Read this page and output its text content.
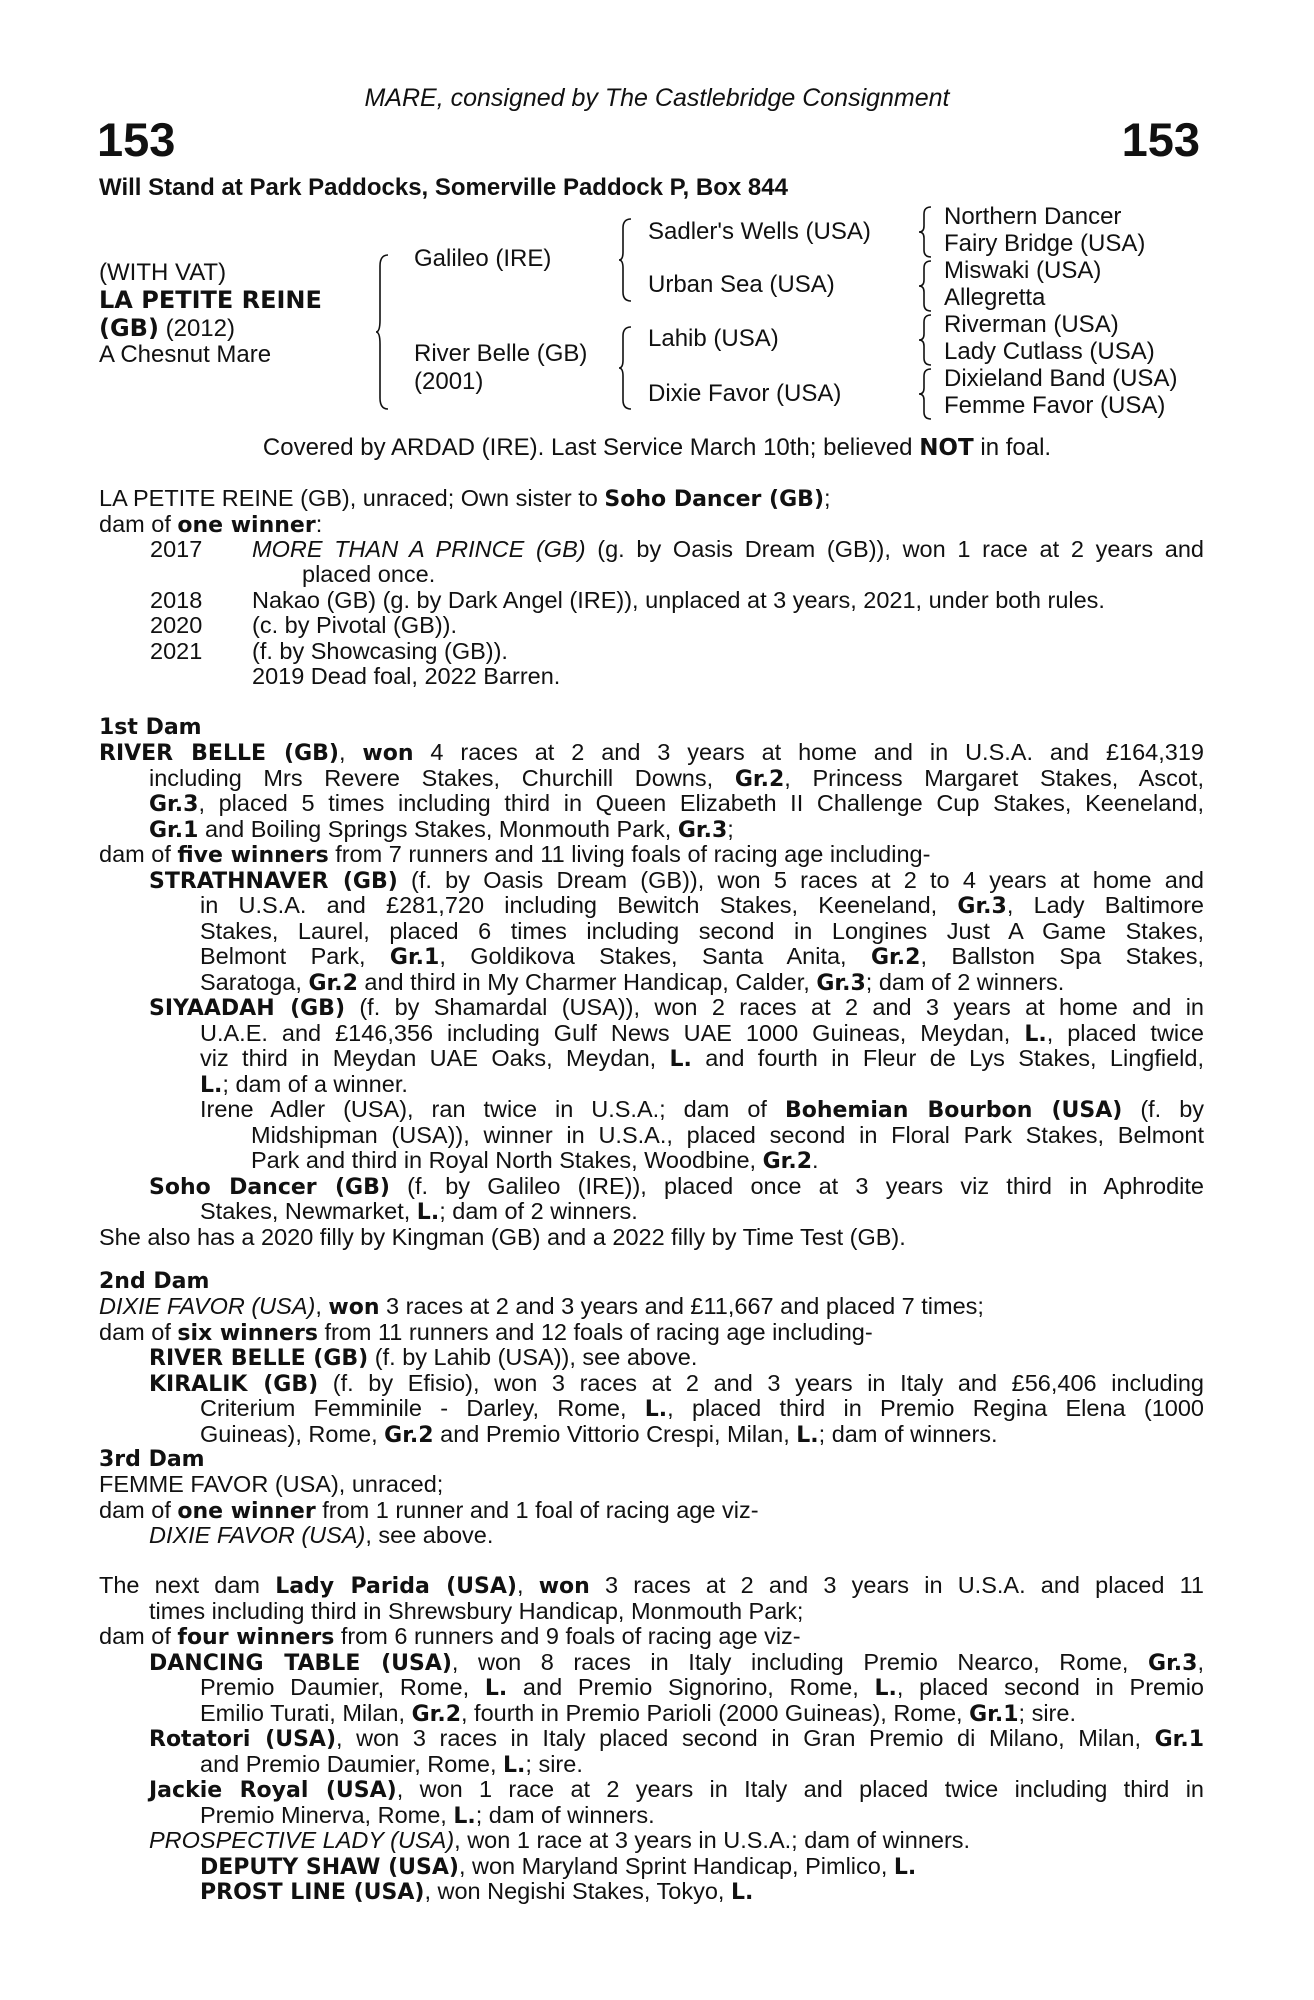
MARE, consigned by The Castlebridge Consignment
153	153
Will Stand at Park Paddocks, Somerville Paddock P, Box 844
(WITH VAT)
LA PETITE REINE
(GB) (2012)
A Chesnut Mare
Galileo (IRE)
River Belle (GB)
(2001)
Sadler's Wells (USA)
Urban Sea (USA)
Lahib (USA)
Dixie Favor (USA)
Northern Dancer
Fairy Bridge (USA)
Miswaki (USA)
Allegretta
Riverman (USA)
Lady Cutlass (USA)
Dixieland Band (USA)
Femme Favor (USA)
Covered by ARDAD (IRE). Last Service March 10th; believed NOT in foal.
LA PETITE REINE (GB), unraced; Own sister to Soho Dancer (GB);
dam of one winner:
2017 MORE THAN A PRINCE (GB) (g. by Oasis Dream (GB)), won 1 race at 2 years and
placed once.
2018 Nakao (GB) (g. by Dark Angel (IRE)), unplaced at 3 years, 2021, under both rules.
2020 (c. by Pivotal (GB)).
2021 (f. by Showcasing (GB)).
2019 Dead foal, 2022 Barren.
1st Dam
RIVER BELLE (GB), won 4 races at 2 and 3 years at home and in U.S.A. and £164,319
including Mrs Revere Stakes, Churchill Downs, Gr.2, Princess Margaret Stakes, Ascot,
Gr.3, placed 5 times including third in Queen Elizabeth II Challenge Cup Stakes, Keeneland,
Gr.1 and Boiling Springs Stakes, Monmouth Park, Gr.3;
dam of five winners from 7 runners and 11 living foals of racing age including-
STRATHNAVER (GB) (f. by Oasis Dream (GB)), won 5 races at 2 to 4 years at home and
in U.S.A. and £281,720 including Bewitch Stakes, Keeneland, Gr.3, Lady Baltimore
Stakes, Laurel, placed 6 times including second in Longines Just A Game Stakes,
Belmont Park, Gr.1, Goldikova Stakes, Santa Anita, Gr.2, Ballston Spa Stakes,
Saratoga, Gr.2 and third in My Charmer Handicap, Calder, Gr.3; dam of 2 winners.
SIYAADAH (GB) (f. by Shamardal (USA)), won 2 races at 2 and 3 years at home and in
U.A.E. and £146,356 including Gulf News UAE 1000 Guineas, Meydan, L., placed twice
viz third in Meydan UAE Oaks, Meydan, L. and fourth in Fleur de Lys Stakes, Lingfield,
L.; dam of a winner.
Irene Adler (USA), ran twice in U.S.A.; dam of Bohemian Bourbon (USA) (f. by
Midshipman (USA)), winner in U.S.A., placed second in Floral Park Stakes, Belmont
Park and third in Royal North Stakes, Woodbine, Gr.2.
Soho Dancer (GB) (f. by Galileo (IRE)), placed once at 3 years viz third in Aphrodite
Stakes, Newmarket, L.; dam of 2 winners.
She also has a 2020 filly by Kingman (GB) and a 2022 filly by Time Test (GB).
2nd Dam
DIXIE FAVOR (USA), won 3 races at 2 and 3 years and £11,667 and placed 7 times;
dam of six winners from 11 runners and 12 foals of racing age including-
RIVER BELLE (GB) (f. by Lahib (USA)), see above.
KIRALIK (GB) (f. by Efisio), won 3 races at 2 and 3 years in Italy and £56,406 including
Criterium Femminile - Darley, Rome, L., placed third in Premio Regina Elena (1000
Guineas), Rome, Gr.2 and Premio Vittorio Crespi, Milan, L.; dam of winners.
3rd Dam
FEMME FAVOR (USA), unraced;
dam of one winner from 1 runner and 1 foal of racing age viz-
DIXIE FAVOR (USA), see above.
The next dam Lady Parida (USA), won 3 races at 2 and 3 years in U.S.A. and placed 11
times including third in Shrewsbury Handicap, Monmouth Park;
dam of four winners from 6 runners and 9 foals of racing age viz-
DANCING TABLE (USA), won 8 races in Italy including Premio Nearco, Rome, Gr.3,
Premio Daumier, Rome, L. and Premio Signorino, Rome, L., placed second in Premio
Emilio Turati, Milan, Gr.2, fourth in Premio Parioli (2000 Guineas), Rome, Gr.1; sire.
Rotatori (USA), won 3 races in Italy placed second in Gran Premio di Milano, Milan, Gr.1
and Premio Daumier, Rome, L.; sire.
Jackie Royal (USA), won 1 race at 2 years in Italy and placed twice including third in
Premio Minerva, Rome, L.; dam of winners.
PROSPECTIVE LADY (USA), won 1 race at 3 years in U.S.A.; dam of winners.
DEPUTY SHAW (USA), won Maryland Sprint Handicap, Pimlico, L.
PROST LINE (USA), won Negishi Stakes, Tokyo, L.
